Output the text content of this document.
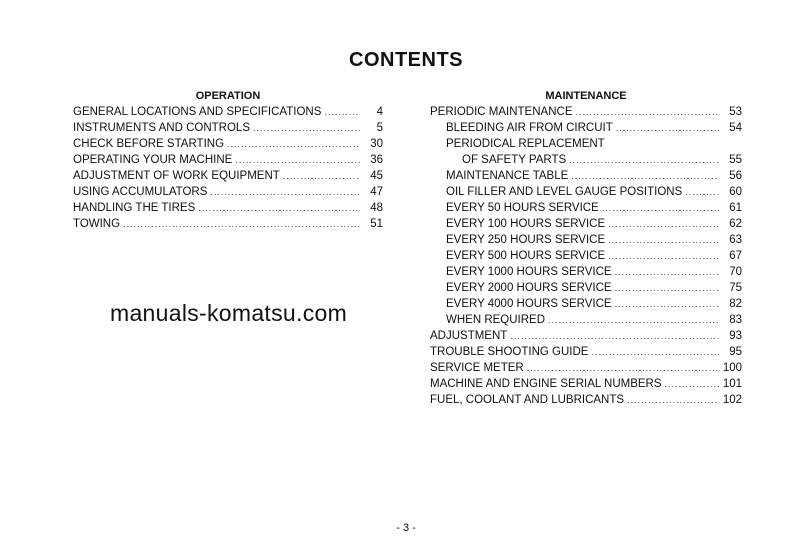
CONTENTS
OPERATION
GENERAL LOCATIONS AND SPECIFICATIONS .....	4
INSTRUMENTS AND CONTROLS .....	5
CHECK BEFORE STARTING .....	30
OPERATING YOUR MACHINE .....	36
ADJUSTMENT OF WORK EQUIPMENT .....	45
USING ACCUMULATORS .....	47
HANDLING THE TIRES .....	48
TOWING .....	51
MAINTENANCE
PERIODIC MAINTENANCE .....	53
BLEEDING AIR FROM CIRCUIT .....	54
PERIODICAL REPLACEMENT
OF SAFETY PARTS .....	55
MAINTENANCE TABLE .....	56
OIL FILLER AND LEVEL GAUGE POSITIONS .....	60
EVERY 50 HOURS SERVICE .....	61
EVERY 100 HOURS SERVICE .....	62
EVERY 250 HOURS SERVICE .....	63
EVERY 500 HOURS SERVICE .....	67
EVERY 1000 HOURS SERVICE .....	70
EVERY 2000 HOURS SERVICE .....	75
EVERY 4000 HOURS SERVICE .....	82
WHEN REQUIRED .....	83
ADJUSTMENT .....	93
TROUBLE SHOOTING GUIDE .....	95
SERVICE METER .....	100
MACHINE AND ENGINE SERIAL NUMBERS .....	101
FUEL, COOLANT AND LUBRICANTS .....	102
manuals-komatsu.com
- 3 -
